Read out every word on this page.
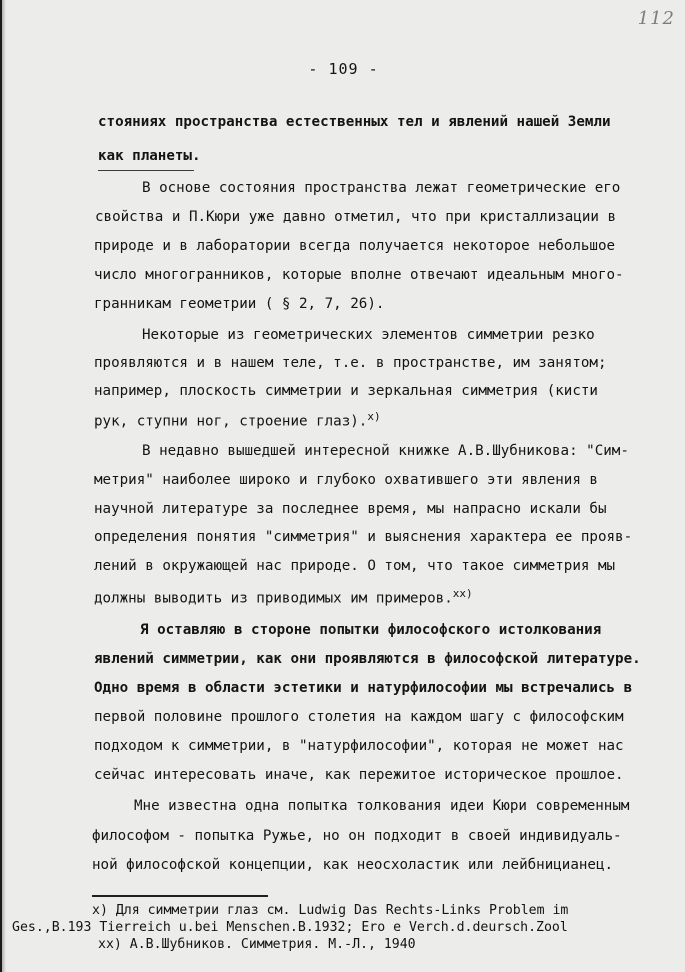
112
- 109 -
стояниях пространства естественных тел и явлений нашей Земли
как планеты.
В основе состояния пространства лежат геометрические его
свойства и П.Кюри уже давно отметил, что при кристаллизации в
природе и в лаборатории всегда получается некоторое небольшое
число многогранников, которые вполне отвечают идеальным много-
гранникам геометрии ( § 2, 7, 26).
Некоторые из геометрических элементов симметрии резко
проявляются и в нашем теле, т.е. в пространстве, им занятом;
например, плоскость симметрии и зеркальная симметрия (кисти
рук, ступни ног, строение глаз).$^{x)}$
В недавно вышедшей интересной книжке А.В.Шубникова: "Сим-
метрия" наиболее широко и глубоко охватившего эти явления в
научной литературе за последнее время, мы напрасно искали бы
определения понятия "симметрия" и выяснения характера ее прояв-
лений в окружающей нас природе. О том, что такое симметрия мы
должны выводить из приводимых им примеров.$^{xx)}$
Я оставляю в стороне попытки философского истолкования
явлений симметрии, как они проявляются в философской литературе.
Одно время в области эстетики и натурфилософии мы встречались в
первой половине прошлого столетия на каждом шагу с философским
подходом к симметрии, в "натурфилософии", которая не может нас
сейчас интересовать иначе, как пережитое историческое прошлое.
Мне известна одна попытка толкования идеи Кюри современным
философом - попытка Ружье, но он подходит в своей индивидуаль-
ной философской концепции, как неосхоластик или лейбницианец.
x) Для симметрии глаз см. Ludwig Das Rechts-Links Problem im
Ges.,B.193 Tierreich u.bei Menschen.B.1932; Ero e Verch.d.deursch.Zool
xx) А.В.Шубников. Симметрия. М.-Л., 1940
